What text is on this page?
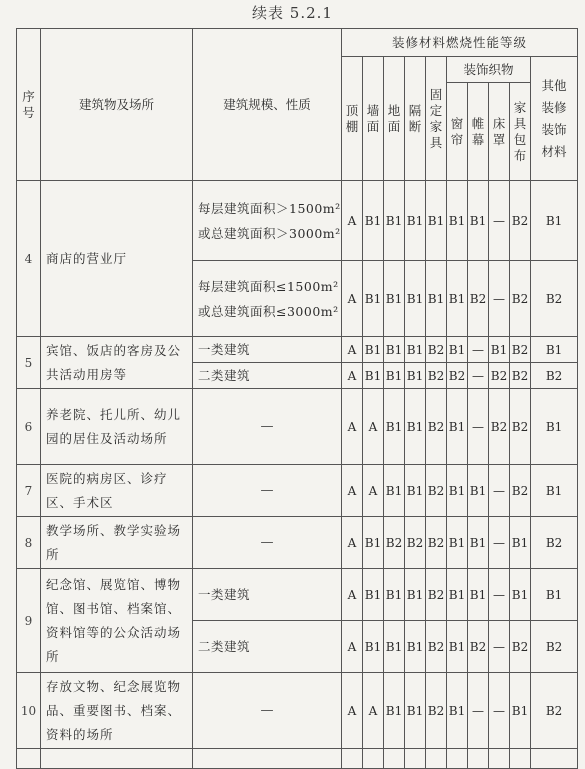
续表 5.2.1
序号	建筑物及场所	建筑规模、性质	装修材料燃烧性能等级									
			顶棚	墙面	地面	隔断	固定家具	装饰织物				其他装修装饰材料
								窗帘	帷幕	床罩	家具包布	
4	商店的营业厅	每层建筑面积＞1500m²或总建筑面积＞3000m²	A	B1	B1	B1	B1	B1	B1	—	B2	B1
		每层建筑面积≤1500m²或总建筑面积≤3000m²	A	B1	B1	B1	B1	B1	B2	—	B2	B2
5	宾馆、饭店的客房及公共活动用房等	一类建筑	A	B1	B1	B1	B2	B1	—	B1	B2	B1
		二类建筑	A	B1	B1	B1	B2	B2	—	B2	B2	B2
6	养老院、托儿所、幼儿园的居住及活动场所	—	A	A	B1	B1	B2	B1	—	B2	B2	B1
7	医院的病房区、诊疗区、手术区	—	A	A	B1	B1	B2	B1	B1	—	B2	B1
8	教学场所、教学实验场所	—	A	B1	B2	B2	B2	B1	B1	—	B1	B2
9	纪念馆、展览馆、博物馆、图书馆、档案馆、资料馆等的公众活动场所	一类建筑	A	B1	B1	B1	B2	B1	B1	—	B1	B1
		二类建筑	A	B1	B1	B1	B2	B1	B2	—	B2	B2
10	存放文物、纪念展览物品、重要图书、档案、资料的场所	—	A	A	B1	B1	B2	B1	—	—	B1	B2
